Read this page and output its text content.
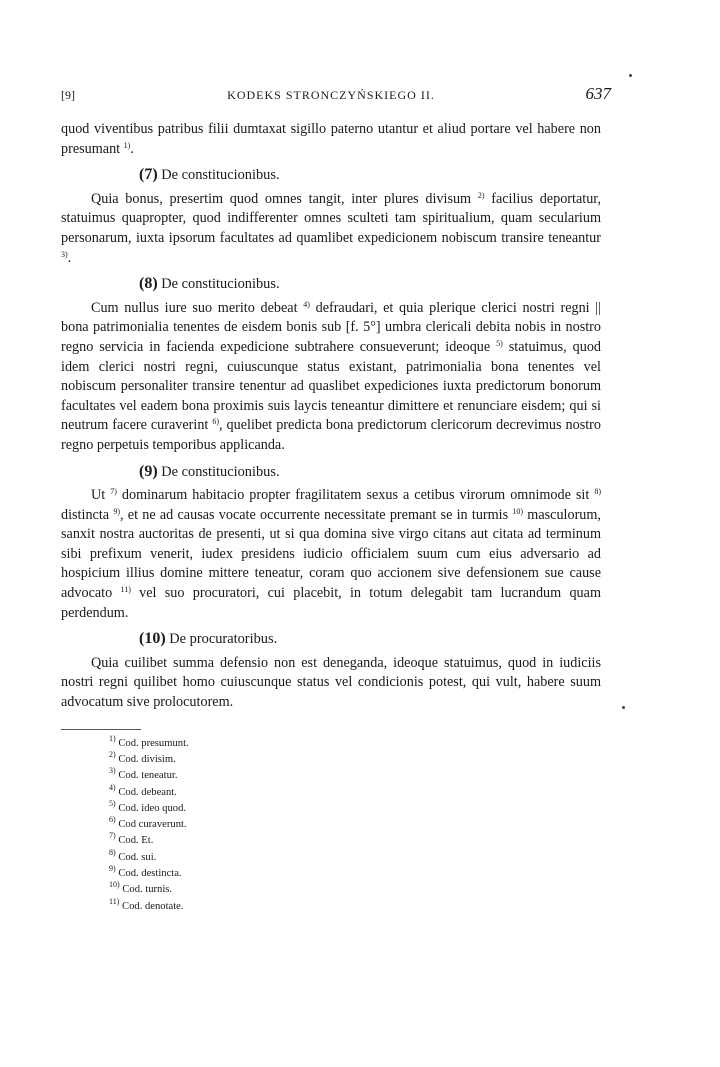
[9]	KODEKS STRONCZYŃSKIEGO II.	637

quod viventibus patribus filii dumtaxat sigillo paterno utantur et aliud portare vel habere non presumant $^{1)}$.

(7) De constitucionibus.

Quia bonus, presertim quod omnes tangit, inter plures divisum $^{2)}$ facilius deportatur, statuimus quapropter, quod indifferenter omnes sculteti tam spiritualium, quam secularium personarum, iuxta ipsorum facultates ad quamlibet expedicionem nobiscum transire teneantur $^{3)}$.

(8) De constitucionibus.

Cum nullus iure suo merito debeat $^{4)}$ defraudari, et quia plerique clerici nostri regni || bona patrimonialia tenentes de eisdem bonis sub [f. 5°] umbra clericali debita nobis in nostro regno servicia in facienda expedicione subtrahere consueverunt; ideoque $^{5)}$ statuimus, quod idem clerici nostri regni, cuiuscunque status existant, patrimonialia bona tenentes vel nobiscum personaliter transire tenentur ad quaslibet expediciones iuxta predictorum bonorum facultates vel eadem bona proximis suis laycis teneantur dimittere et renunciare eisdem; qui si neutrum facere curaverint $^{6)}$, quelibet predicta bona predictorum clericorum decrevimus nostro regno perpetuis temporibus applicanda.

(9) De constitucionibus.

Ut $^{7)}$ dominarum habitacio propter fragilitatem sexus a cetibus virorum omnimode sit $^{8)}$ distincta $^{9)}$, et ne ad causas vocate occurrente necessitate premant se in turmis $^{10)}$ masculorum, sanxit nostra auctoritas de presenti, ut si qua domina sive virgo citans aut citata ad terminum sibi prefixum venerit, iudex presidens iudicio officialem suum cum eius adversario ad hospicium illius domine mittere teneatur, coram quo accionem sive defensionem sue cause advocato $^{11)}$ vel suo procuratori, cui placebit, in totum delegabit tam lucrandum quam perdendum.

(10) De procuratoribus.

Quia cuilibet summa defensio non est deneganda, ideoque statuimus, quod in iudiciis nostri regni quilibet homo cuiuscunque status vel condicionis potest, qui vult, habere suum advocatum sive prolocutorem.

$^{1)}$ Cod. presumunt.
$^{2)}$ Cod. divisim.
$^{3)}$ Cod. teneatur.
$^{4)}$ Cod. debeant.
$^{5)}$ Cod. ideo quod.
$^{6)}$ Cod curaverunt.
$^{7)}$ Cod. Et.
$^{8)}$ Cod. sui.
$^{9)}$ Cod. destincta.
$^{10)}$ Cod. turnis.
$^{11)}$ Cod. denotate.
